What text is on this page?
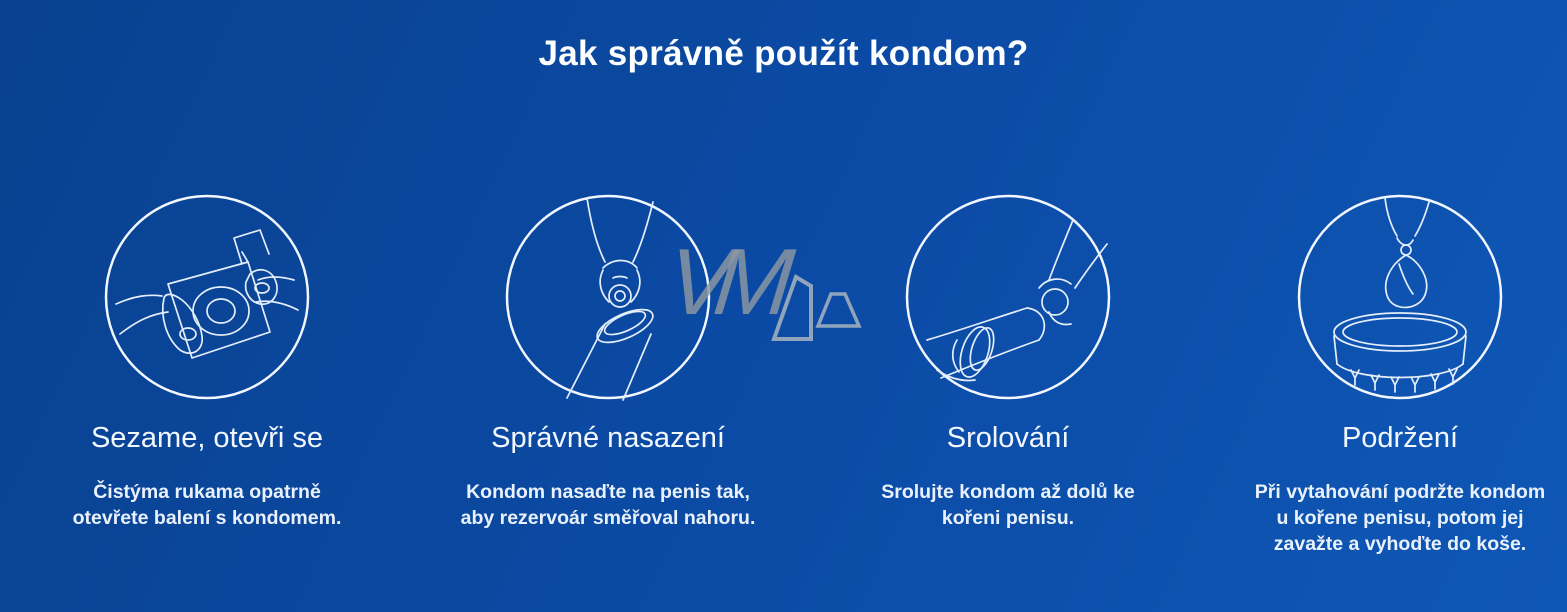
Jak správně použít kondom?
Sezame, otevři se
Čistýma rukama opatrně
otevřete balení s kondomem.
Správné nasazení
Kondom nasaďte na penis tak,
aby rezervoár směřoval nahoru.
Srolování
Srolujte kondom až dolů ke
kořeni penisu.
Podržení
Při vytahování podržte kondom
u kořene penisu, potom jej
zavažte a vyhoďte do koše.
VM
